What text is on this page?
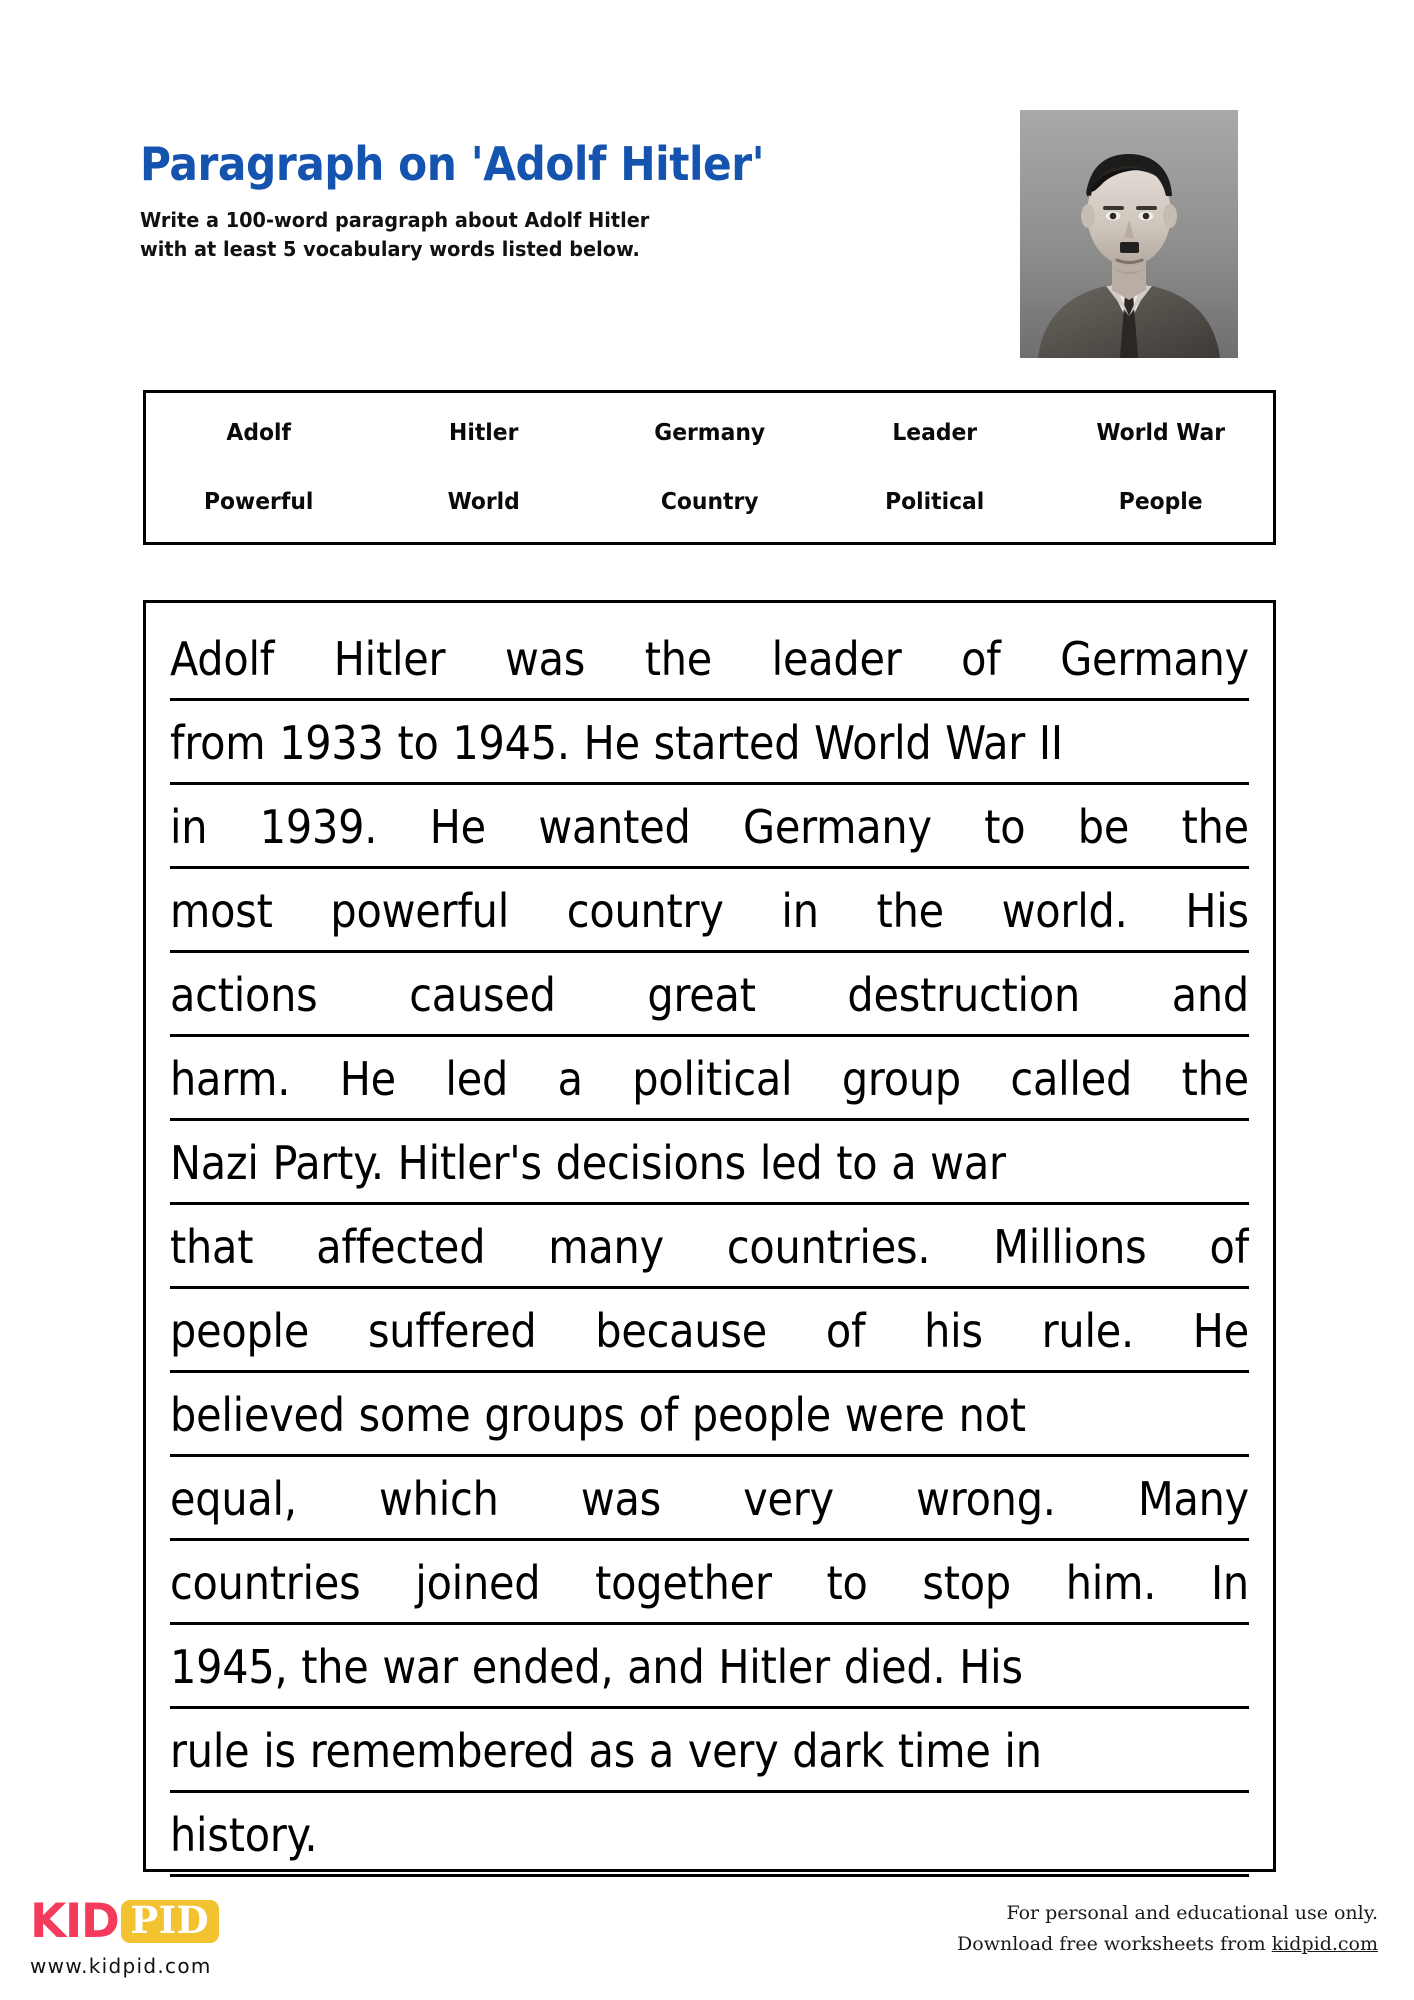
Paragraph on 'Adolf Hitler'
Write a 100-word paragraph about Adolf Hitler
with at least 5 vocabulary words listed below.
Adolf	Hitler	Germany	Leader	World War
Powerful	World	Country	Political	People
Adolf Hitler was the leader of Germany
from 1933 to 1945. He started World War II
in 1939. He wanted Germany to be the
most powerful country in the world. His
actions caused great destruction and
harm. He led a political group called the
Nazi Party. Hitler's decisions led to a war
that affected many countries. Millions of
people suffered because of his rule. He
believed some groups of people were not
equal, which was very wrong. Many
countries joined together to stop him. In
1945, the war ended, and Hitler died. His
rule is remembered as a very dark time in
history.
KID PID
www.kidpid.com
For personal and educational use only.
Download free worksheets from kidpid.com
